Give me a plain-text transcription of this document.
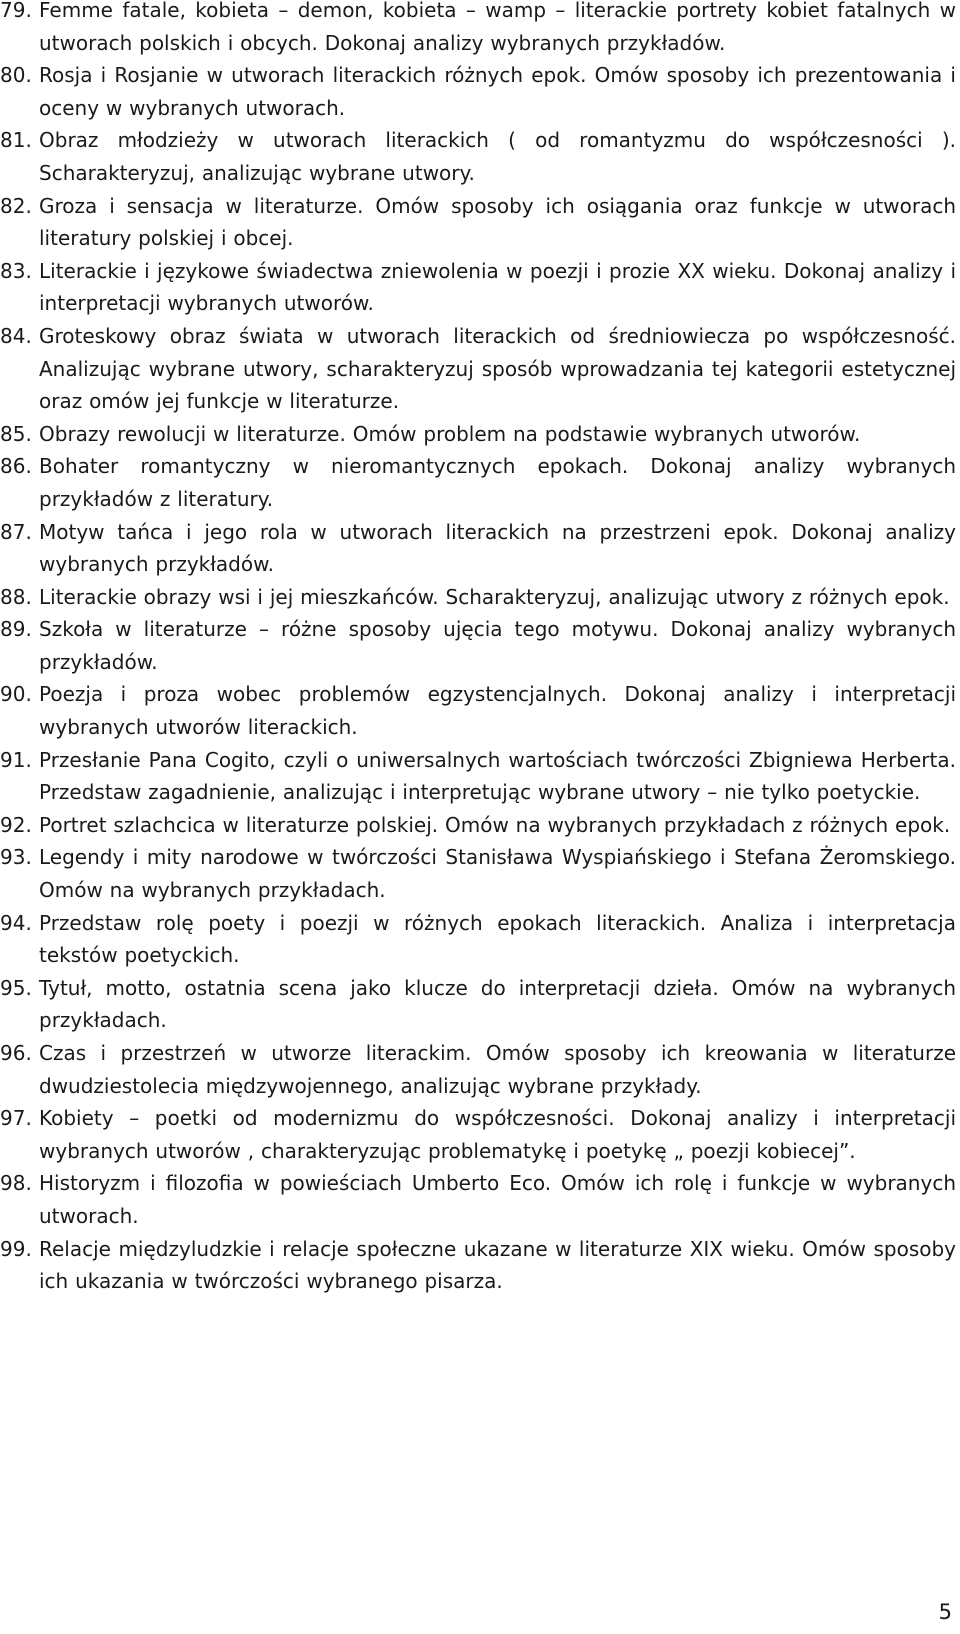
79. Femme fatale, kobieta – demon, kobieta – wamp – literackie portrety kobiet fatalnych w utworach polskich i obcych. Dokonaj analizy wybranych przykładów.
80. Rosja i Rosjanie w utworach literackich różnych epok. Omów sposoby ich prezentowania i oceny w wybranych utworach.
81. Obraz młodzieży w utworach literackich ( od romantyzmu do współczesności ). Scharakteryzuj, analizując wybrane utwory.
82. Groza i sensacja w literaturze. Omów sposoby ich osiągania oraz funkcje w utworach literatury polskiej i obcej.
83. Literackie i językowe świadectwa zniewolenia w poezji i prozie XX wieku. Dokonaj analizy i interpretacji wybranych utworów.
84. Groteskowy obraz świata w utworach literackich od średniowiecza po współczesność. Analizując wybrane utwory, scharakteryzuj sposób wprowadzania tej kategorii estetycznej oraz omów jej funkcje w literaturze.
85. Obrazy rewolucji w literaturze. Omów problem na podstawie wybranych utworów.
86. Bohater romantyczny w nieromantycznych epokach. Dokonaj analizy wybranych przykładów z literatury.
87. Motyw tańca i jego rola w utworach literackich na przestrzeni epok. Dokonaj analizy wybranych przykładów.
88. Literackie obrazy wsi i jej mieszkańców. Scharakteryzuj, analizując utwory z różnych epok.
89. Szkoła w literaturze – różne sposoby ujęcia tego motywu. Dokonaj analizy wybranych przykładów.
90. Poezja i proza wobec problemów egzystencjalnych. Dokonaj analizy i interpretacji wybranych utworów literackich.
91. Przesłanie Pana Cogito, czyli o uniwersalnych wartościach twórczości Zbigniewa Herberta. Przedstaw zagadnienie, analizując i interpretując wybrane utwory – nie tylko poetyckie.
92. Portret szlachcica w literaturze polskiej. Omów na wybranych przykładach z różnych epok.
93. Legendy i mity narodowe w twórczości Stanisława Wyspiańskiego i Stefana Żeromskiego. Omów na wybranych przykładach.
94. Przedstaw rolę poety i poezji w różnych epokach literackich. Analiza i interpretacja tekstów poetyckich.
95. Tytuł, motto, ostatnia scena jako klucze do interpretacji dzieła. Omów na wybranych przykładach.
96. Czas i przestrzeń w utworze literackim. Omów sposoby ich kreowania w literaturze dwudziestolecia międzywojennego, analizując wybrane przykłady.
97. Kobiety – poetki od modernizmu do współczesności. Dokonaj analizy i interpretacji wybranych utworów , charakteryzując problematykę i poetykę „ poezji kobiecej”.
98. Historyzm i filozofia w powieściach Umberto Eco. Omów ich rolę i funkcje w wybranych utworach.
99. Relacje międzyludzkie i relacje społeczne ukazane w literaturze XIX wieku. Omów sposoby ich ukazania w twórczości wybranego pisarza.
5
